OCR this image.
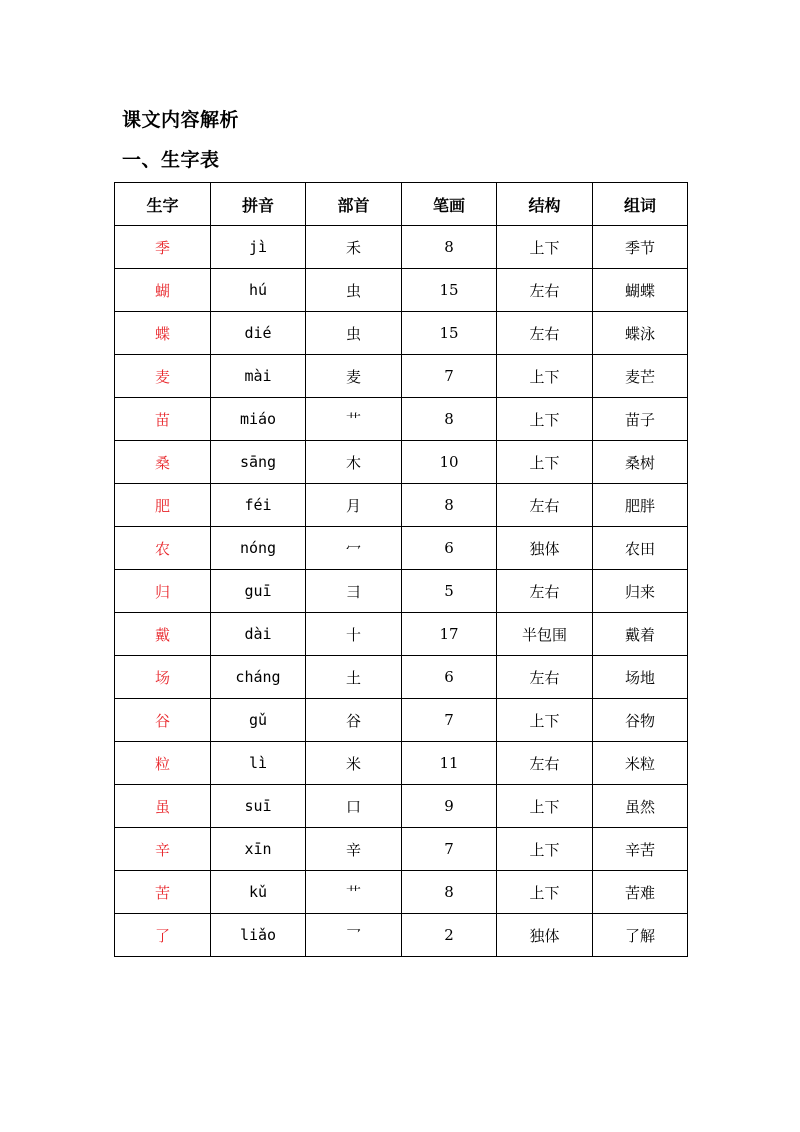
课文内容解析
一、生字表
生字	拼音	部首	笔画	结构	组词
季	jì	禾	8	上下	季节
蝴	hú	虫	15	左右	蝴蝶
蝶	dié	虫	15	左右	蝶泳
麦	mài	麦	7	上下	麦芒
苗	miáo	艹	8	上下	苗子
桑	sāng	木	10	上下	桑树
肥	féi	月	8	左右	肥胖
农	nóng	冖	6	独体	农田
归	guī	彐	5	左右	归来
戴	dài	十	17	半包围	戴着
场	cháng	土	6	左右	场地
谷	gǔ	谷	7	上下	谷物
粒	lì	米	11	左右	米粒
虽	suī	口	9	上下	虽然
辛	xīn	辛	7	上下	辛苦
苦	kǔ	艹	8	上下	苦难
了	liǎo	乛	2	独体	了解
